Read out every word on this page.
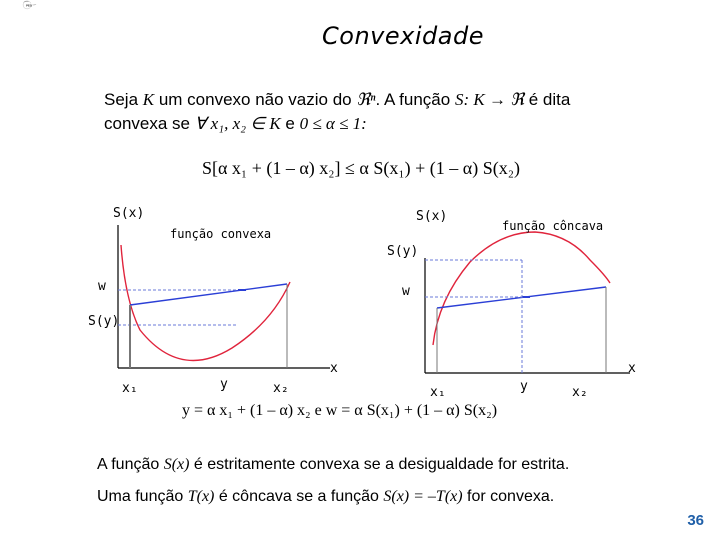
PEQ COPPE
UFRJ
Convexidade
Seja K um convexo não vazio do ℜⁿ. A função S: K → ℜ é dita
convexa se ∀ x₁, x₂ ∈ K e 0 ≤ α ≤ 1:
S[α x₁ + (1 – α) x₂] ≤ α S(x₁) + (1 – α) S(x₂)
S(x)
função convexa
w
S(y)
x
x₁	y	x₂
S(x)
função côncava
S(y)
w
x
x₁	y	x₂
y = α x₁ + (1 – α) x₂ e w = α S(x₁) + (1 – α) S(x₂)
A função S(x) é estritamente convexa se a desigualdade for estrita.
Uma função T(x) é côncava se a função S(x) = –T(x) for convexa.
36
